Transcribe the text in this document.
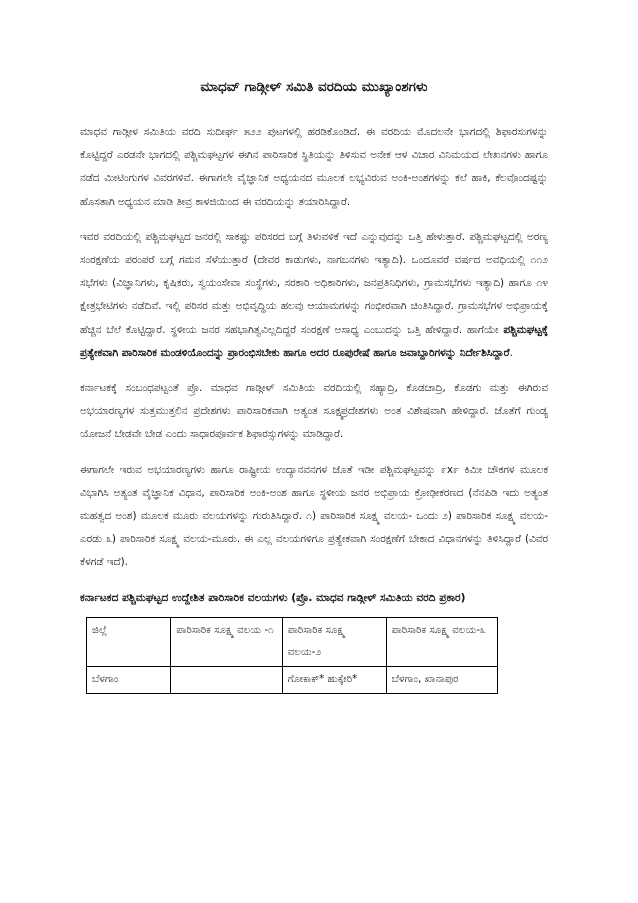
ಮಾಧವ್ ಗಾಡ್ಗೀಳ್ ಸಮಿತಿ ವರದಿಯ ಮುಖ್ಯಾಂಶಗಳು

ಮಾಧವ ಗಾಡ್ಗೀಳ ಸಮಿತಿಯ ವರದಿ ಸುದೀರ್ಘ ೫೨೨ ಪುಟಗಳಲ್ಲಿ ಹರಡಿಕೊಂಡಿದೆ. ಈ ವರದಿಯ ಮೊದಲನೇ ಭಾಗದಲ್ಲಿ ಶಿಫಾರಸುಗಳನ್ನು ಕೊಟ್ಟಿದ್ದರೆ ಎರಡನೇ ಭಾಗದಲ್ಲಿ ಪಶ್ಚಿಮಘಟ್ಟಗಳ ಈಗಿನ ಪಾರಿಸಾರಿಕ ಸ್ಥಿತಿಯನ್ನು ತಿಳಿಸುವ ಅನೇಕ ಆಳ ವಿಚಾರ ವಿನಿಮಯದ ಲೇಖನಗಳು ಹಾಗೂ ನಡೆದ ಮೀಟಿಂಗುಗಳ ವಿವರಗಳಿವೆ. ಈಗಾಗಲೇ ವೈಜ್ಞಾನಿಕ ಅಧ್ಯಯನದ ಮೂಲಕ ಲಭ್ಯವಿರುವ ಅಂಕಿ-ಅಂಶಗಳನ್ನು ಕಲೆ ಹಾಕಿ, ಕೆಲವೊಂದಷ್ಟನ್ನು ಹೊಸತಾಗಿ ಅಧ್ಯಯನ ಮಾಡಿ ತೀವ್ರ ಕಾಳಜಿಯಿಂದ ಈ ವರದಿಯನ್ನು ತಯಾರಿಸಿದ್ದಾರೆ.

ಇವರ ವರದಿಯಲ್ಲಿ ಪಶ್ಚಿಮಘಟ್ಟದ ಜನರಲ್ಲಿ ಸಾಕಷ್ಟು ಪರಿಸರದ ಬಗ್ಗೆ ತಿಳುವಳಿಕೆ ಇದೆ ಎನ್ನುವುದನ್ನು ಒತ್ತಿ ಹೇಳುತ್ತಾರೆ. ಪಶ್ಚಿಮಘಟ್ಟದಲ್ಲಿ ಅರಣ್ಯ ಸಂರಕ್ಷಣೆಯ ಪರಂಪರೆ ಬಗ್ಗೆ ಗಮನ ಸೆಳೆಯುತ್ತಾರೆ (ದೇವರ ಕಾಡುಗಳು, ನಾಗಬನಗಳು ಇತ್ಯಾದಿ). ಒಂದೂವರೆ ವರ್ಷದ ಅವಧಿಯಲ್ಲಿ ೧೧೨ ಸಭೆಗಳು (ವಿಜ್ಞಾನಿಗಳು, ಕೃಷಿಕರು, ಸ್ವಯಂಸೇವಾ ಸಂಸ್ಥೆಗಳು, ಸರಕಾರಿ ಅಧಿಕಾರಿಗಳು, ಜನಪ್ರತಿನಿಧಿಗಳು, ಗ್ರಾಮಸಭೆಗಳು ಇತ್ಯಾದಿ) ಹಾಗೂ ೧೪ ಕ್ಷೇತ್ರಭೇಟಿಗಳು ನಡೆದಿವೆ. ಇಲ್ಲಿ ಪರಿಸರ ಮತ್ತು ಅಭಿವೃದ್ಧಿಯ ಹಲವು ಆಯಾಮಗಳನ್ನು ಗಂಭೀರವಾಗಿ ಚಿಂತಿಸಿದ್ದಾರೆ. ಗ್ರಾಮಸಭೆಗಳ ಅಭಿಪ್ರಾಯಕ್ಕೆ ಹೆಚ್ಚಿನ ಬೆಲೆ ಕೊಟ್ಟಿದ್ದಾರೆ. ಸ್ಥಳೀಯ ಜನರ ಸಹಭಾಗಿತ್ವವಿಲ್ಲದಿದ್ದರೆ ಸಂರಕ್ಷಣೆ ಅಸಾಧ್ಯ ಎಂಬುದನ್ನು ಒತ್ತಿ ಹೇಳಿದ್ದಾರೆ. ಹಾಗೆಯೇ ಪಶ್ಚಿಮಘಟ್ಟಕ್ಕೆ ಪ್ರತ್ಯೇಕವಾಗಿ ಪಾರಿಸಾರಿಕ ಮಂಡಳಿಯೊಂದನ್ನು ಪ್ರಾರಂಭಿಸಬೇಕು ಹಾಗೂ ಅದರ ರೂಪುರೇಷೆ ಹಾಗೂ ಜವಾಬ್ದಾರಿಗಳನ್ನು ನಿರ್ದೇಶಿಸಿದ್ದಾರೆ.

ಕರ್ನಾಟಕಕ್ಕೆ ಸಂಬಂಧಪಟ್ಟಂತೆ ಪ್ರೊ. ಮಾಧವ ಗಾಡ್ಗೀಳ್ ಸಮಿತಿಯ ವರದಿಯಲ್ಲಿ ಸಹ್ಯಾದ್ರಿ, ಕೊಡಚಾದ್ರಿ, ಕೊಡಗು ಮತ್ತು ಈಗಿರುವ ಅಭಯಾರಣ್ಯಗಳ ಸುತ್ತಮುತ್ತಲಿನ ಪ್ರದೇಶಗಳು ಪಾರಿಸಾರಿಕವಾಗಿ ಅತ್ಯಂತ ಸೂಕ್ಷ್ಮಪ್ರದೇಶಗಳು ಅಂತ ವಿಶೇಷವಾಗಿ ಹೇಳಿದ್ದಾರೆ. ಜೊತೆಗೆ ಗುಂಡ್ಯ ಯೋಜನೆ ಬೇಡವೇ ಬೇಡ ಎಂದು ಸಾಧಾರಪೂರ್ವಕ ಶಿಫಾರಸ್ಸುಗಳನ್ನು ಮಾಡಿದ್ದಾರೆ.

ಈಗಾಗಲೇ ಇರುವ ಅಭಯಾರಣ್ಯಗಳು ಹಾಗೂ ರಾಷ್ಟ್ರೀಯ ಉದ್ಯಾನವನಗಳ ಜೊತೆ ಇಡೀ ಪಶ್ಚಿಮಘಟ್ಟವನ್ನು ೯x೯ ಕಿಮೀ ಚೌಕಗಳ ಮೂಲಕ ವಿಭಾಗಿಸಿ ಅತ್ಯಂತ ವೈಜ್ಞಾನಿಕ ವಿಧಾನ, ಪಾರಿಸಾರಿಕ ಅಂಕಿ-ಅಂಶ ಹಾಗೂ ಸ್ಥಳೀಯ ಜನರ ಅಭಿಪ್ರಾಯ ಕ್ರೋಢೀಕರಣದ (ನೆನಪಿಡಿ ಇದು ಅತ್ಯಂತ ಮಹತ್ವದ ಅಂಶ) ಮೂಲಕ ಮೂರು ವಲಯಗಳನ್ನು ಗುರುತಿಸಿದ್ದಾರೆ. ೧) ಪಾರಿಸಾರಿಕ ಸೂಕ್ಷ್ಮ ವಲಯ- ಒಂದು ೨) ಪಾರಿಸಾರಿಕ ಸೂಕ್ಷ್ಮ ವಲಯ-ಎರಡು ೩) ಪಾರಿಸಾರಿಕ ಸೂಕ್ಷ್ಮ ವಲಯ-ಮೂರು. ಈ ಎಲ್ಲ ವಲಯಗಳಿಗೂ ಪ್ರತ್ಯೇಕವಾಗಿ ಸಂರಕ್ಷಣೆಗೆ ಬೇಕಾದ ವಿಧಾನಗಳನ್ನು ತಿಳಿಸಿದ್ದಾರೆ (ವಿವರ ಕೆಳಗಡೆ ಇದೆ).

ಕರ್ನಾಟಕದ ಪಶ್ಚಿಮಘಟ್ಟದ ಉದ್ದೇಶಿತ ಪಾರಿಸಾರಿಕ ವಲಯಗಳು (ಪ್ರೊ. ಮಾಧವ ಗಾಡ್ಗೀಳ್ ಸಮಿತಿಯ ವರದಿ ಪ್ರಕಾರ)
ಜಿಲ್ಲೆ	ಪಾರಿಸಾರಿಕ ಸೂಕ್ಷ್ಮ ವಲಯ -೧	ಪಾರಿಸಾರಿಕ ಸೂಕ್ಷ್ಮ ವಲಯ-೨	ಪಾರಿಸಾರಿಕ ಸೂಕ್ಷ್ಮ ವಲಯ-೩
ಬೆಳಗಾಂ		ಗೋಕಾಕ್* ಹುಕ್ಕೇರಿ*	ಬೆಳಗಾಂ, ಖಾನಾಪುರ
